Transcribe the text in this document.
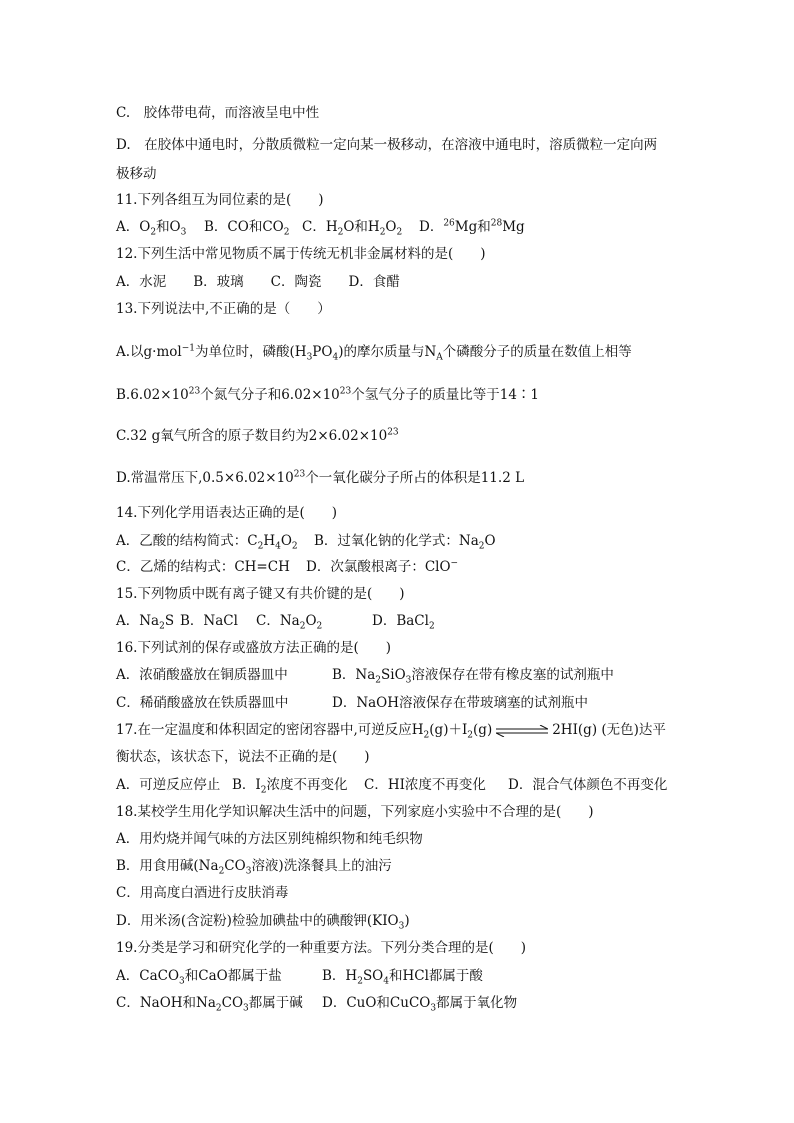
C.　胶体带电荷，而溶液呈电中性
D.　在胶体中通电时，分散质微粒一定向某一极移动，在溶液中通电时，溶质微粒一定向两
极移动
11.下列各组互为同位素的是(　　)
A．$O_2$和$O_3$ B．CO和$CO_2$ C．$H_2O$和$H_2O_2$ D．$^{26}$Mg和$^{28}$Mg
12.下列生活中常见物质不属于传统无机非金属材料的是(　　)
A．水泥　　B．玻璃　　C．陶瓷　　D．食醋
13.下列说法中,不正确的是（　　）
A.以g·mol$^{-1}$为单位时，磷酸$(H_3PO_4)$的摩尔质量与$N_A$个磷酸分子的质量在数值上相等
$B.6.02\times 10^{23}$个氮气分子和$6.02\times 10^{23}$个氢气分子的质量比等于14∶1
C.32 g氧气所含的原子数目约为$2\times 6.02\times 10^{23}$
D.常温常压下$,0.5\times 6.02\times 10^{23}$个一氧化碳分子所占的体积是11.2 L
14.下列化学用语表达正确的是(　　)
A．乙酸的结构简式：$C_2H_4O_2$ B．过氧化钠的化学式：$Na_2O$
C．乙烯的结构式：CH=CH D．次氯酸根离子：ClO−
15.下列物质中既有离子键又有共价键的是(　　)
A．$Na_2S$ B．NaCl C．$Na_2O_2$	D．BaCl$_2$
16.下列试剂的保存或盛放方法正确的是(　　)
A．浓硝酸盛放在铜质器皿中	B．$Na_2SiO_3$溶液保存在带有橡皮塞的试剂瓶中
C．稀硝酸盛放在铁质器皿中	D．NaOH溶液保存在带玻璃塞的试剂瓶中
17.在一定温度和体积固定的密闭容器中,可逆反应$H_2(g)+I_2(g)$ ⇌ 2HI(g) (无色)达平
衡状态，该状态下，说法不正确的是(　　)
A．可逆反应停止 B．$I_2$浓度不再变化 C．HI浓度不再变化 D．混合气体颜色不再变化
18.某校学生用化学知识解决生活中的问题，下列家庭小实验中不合理的是(　　)
A．用灼烧并闻气味的方法区别纯棉织物和纯毛织物
B．用食用碱($Na_2CO_3$溶液)洗涤餐具上的油污
C．用高度白酒进行皮肤消毒
D．用米汤(含淀粉)检验加碘盐中的碘酸钾$(KIO_3)$
19.分类是学习和研究化学的一种重要方法。下列分类合理的是(　　)
A．CaCO$_3$和CaO都属于盐	B．$H_2SO_4$和HCl都属于酸
C．NaOH和$Na_2CO_3$都属于碱 D．CuO和CuCO$_3$都属于氧化物
